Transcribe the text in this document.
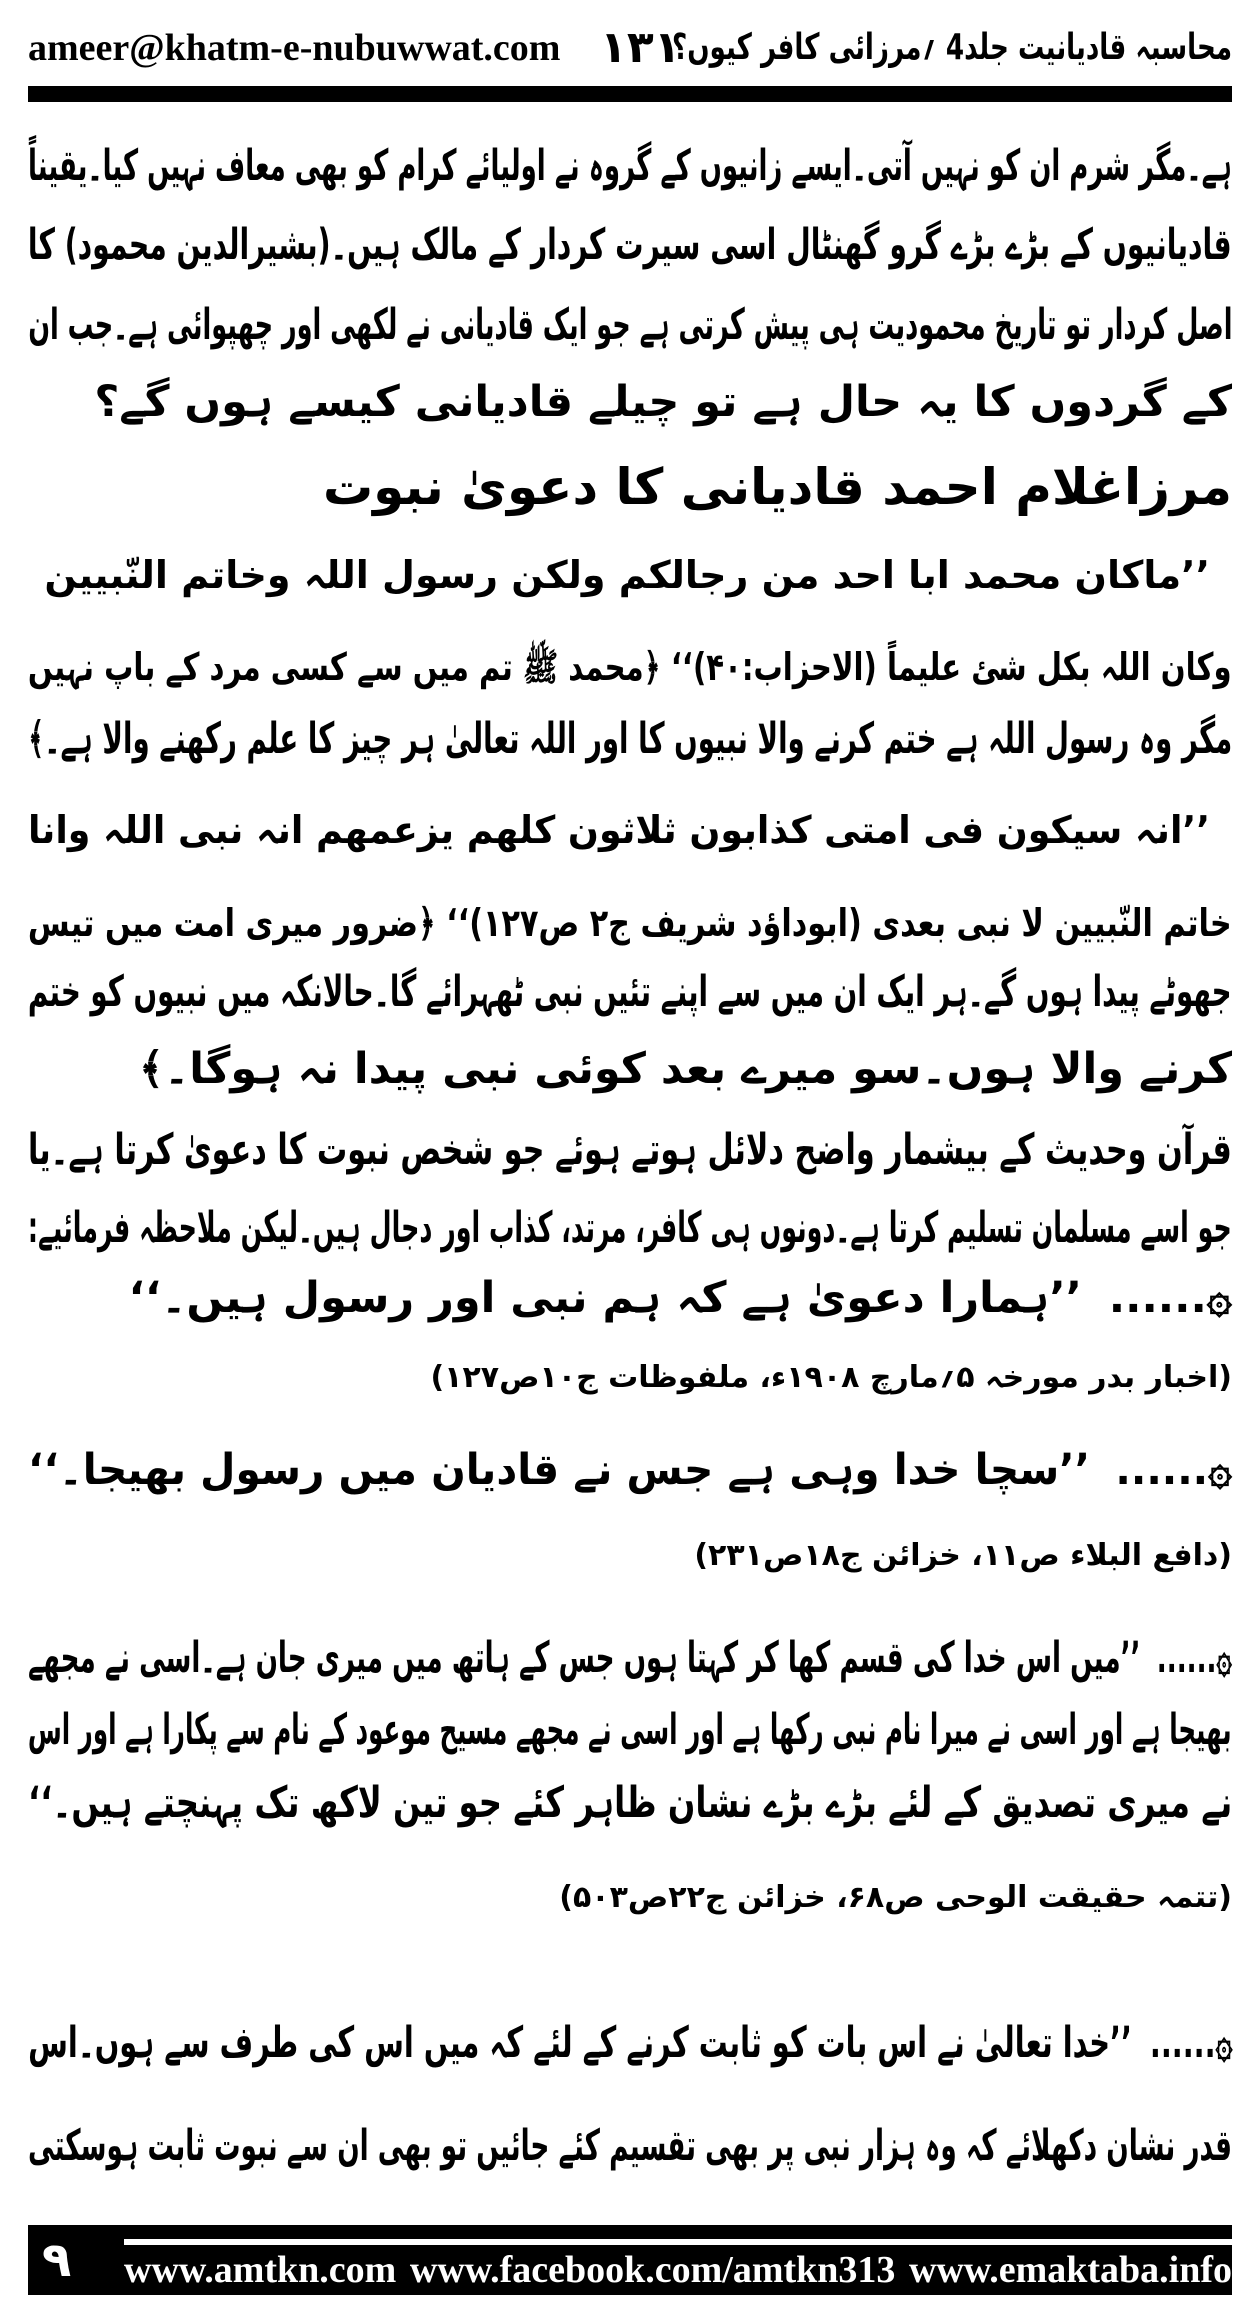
ameer@khatm-e-nubuwwat.com ۱۳۱
محاسبہ قادیانیت جلد4 ؍مرزائی کافر کیوں؟
ہے۔مگر شرم ان کو نہیں آتی۔ایسے زانیوں کے گروہ نے اولیائے کرام کو بھی معاف نہیں کیا۔یقیناً
قادیانیوں کے بڑے بڑے گرو گھنٹال اسی سیرت کردار کے مالک ہیں۔(بشیرالدین محمود) کا
اصل کردار تو تاریخ محمودیت ہی پیش کرتی ہے جو ایک قادیانی نے لکھی اور چھپوائی ہے۔جب ان
کے گردوں کا یہ حال ہے تو چیلے قادیانی کیسے ہوں گے؟
مرزاغلام احمد قادیانی کا دعویٰ نبوت
’’ماکان محمد ابا احد من رجالکم ولکن رسول اللہ وخاتم النّبیین
وکان اللہ بکل شئ علیماً (الاحزاب:۴۰)‘‘ ﴿محمد ﷺ تم میں سے کسی مرد کے باپ نہیں
مگر وہ رسول اللہ ہے ختم کرنے والا نبیوں کا اور اللہ تعالیٰ ہر چیز کا علم رکھنے والا ہے۔﴾
’’انہ سیکون فی امتی کذابون ثلاثون کلھم یزعمھم انہ نبی اللہ وانا
خاتم النّبیین لا نبی بعدی (ابوداؤد شریف ج۲ ص۱۲۷)‘‘ ﴿ضرور میری امت میں تیس
جھوٹے پیدا ہوں گے۔ہر ایک ان میں سے اپنے تئیں نبی ٹھہرائے گا۔حالانکہ میں نبیوں کو ختم
کرنے والا ہوں۔سو میرے بعد کوئی نبی پیدا نہ ہوگا۔﴾
قرآن وحدیث کے بیشمار واضح دلائل ہوتے ہوئے جو شخص نبوت کا دعویٰ کرتا ہے۔یا
جو اسے مسلمان تسلیم کرتا ہے۔دونوں ہی کافر، مرتد، کذاب اور دجال ہیں۔لیکن ملاحظہ فرمائیے:
۞......’’ہمارا دعویٰ ہے کہ ہم نبی اور رسول ہیں۔‘‘
(اخبار بدر مورخہ ۵؍مارچ ۱۹۰۸ء، ملفوظات ج۱۰ص۱۲۷)
۞......’’سچا خدا وہی ہے جس نے قادیان میں رسول بھیجا۔‘‘
(دافع البلاء ص۱۱، خزائن ج۱۸ص۲۳۱)
۞......’’میں اس خدا کی قسم کھا کر کہتا ہوں جس کے ہاتھ میں میری جان ہے۔اسی نے مجھے
بھیجا ہے اور اسی نے میرا نام نبی رکھا ہے اور اسی نے مجھے مسیح موعود کے نام سے پکارا ہے اور اس
نے میری تصدیق کے لئے بڑے بڑے نشان ظاہر کئے جو تین لاکھ تک پہنچتے ہیں۔‘‘
(تتمہ حقیقت الوحی ص۶۸، خزائن ج۲۲ص۵۰۳)
۞......’’خدا تعالیٰ نے اس بات کو ثابت کرنے کے لئے کہ میں اس کی طرف سے ہوں۔اس
قدر نشان دکھلائے کہ وہ ہزار نبی پر بھی تقسیم کئے جائیں تو بھی ان سے نبوت ثابت ہوسکتی
۹ www.amtkn.com www.facebook.com/amtkn313 www.emaktaba.info
